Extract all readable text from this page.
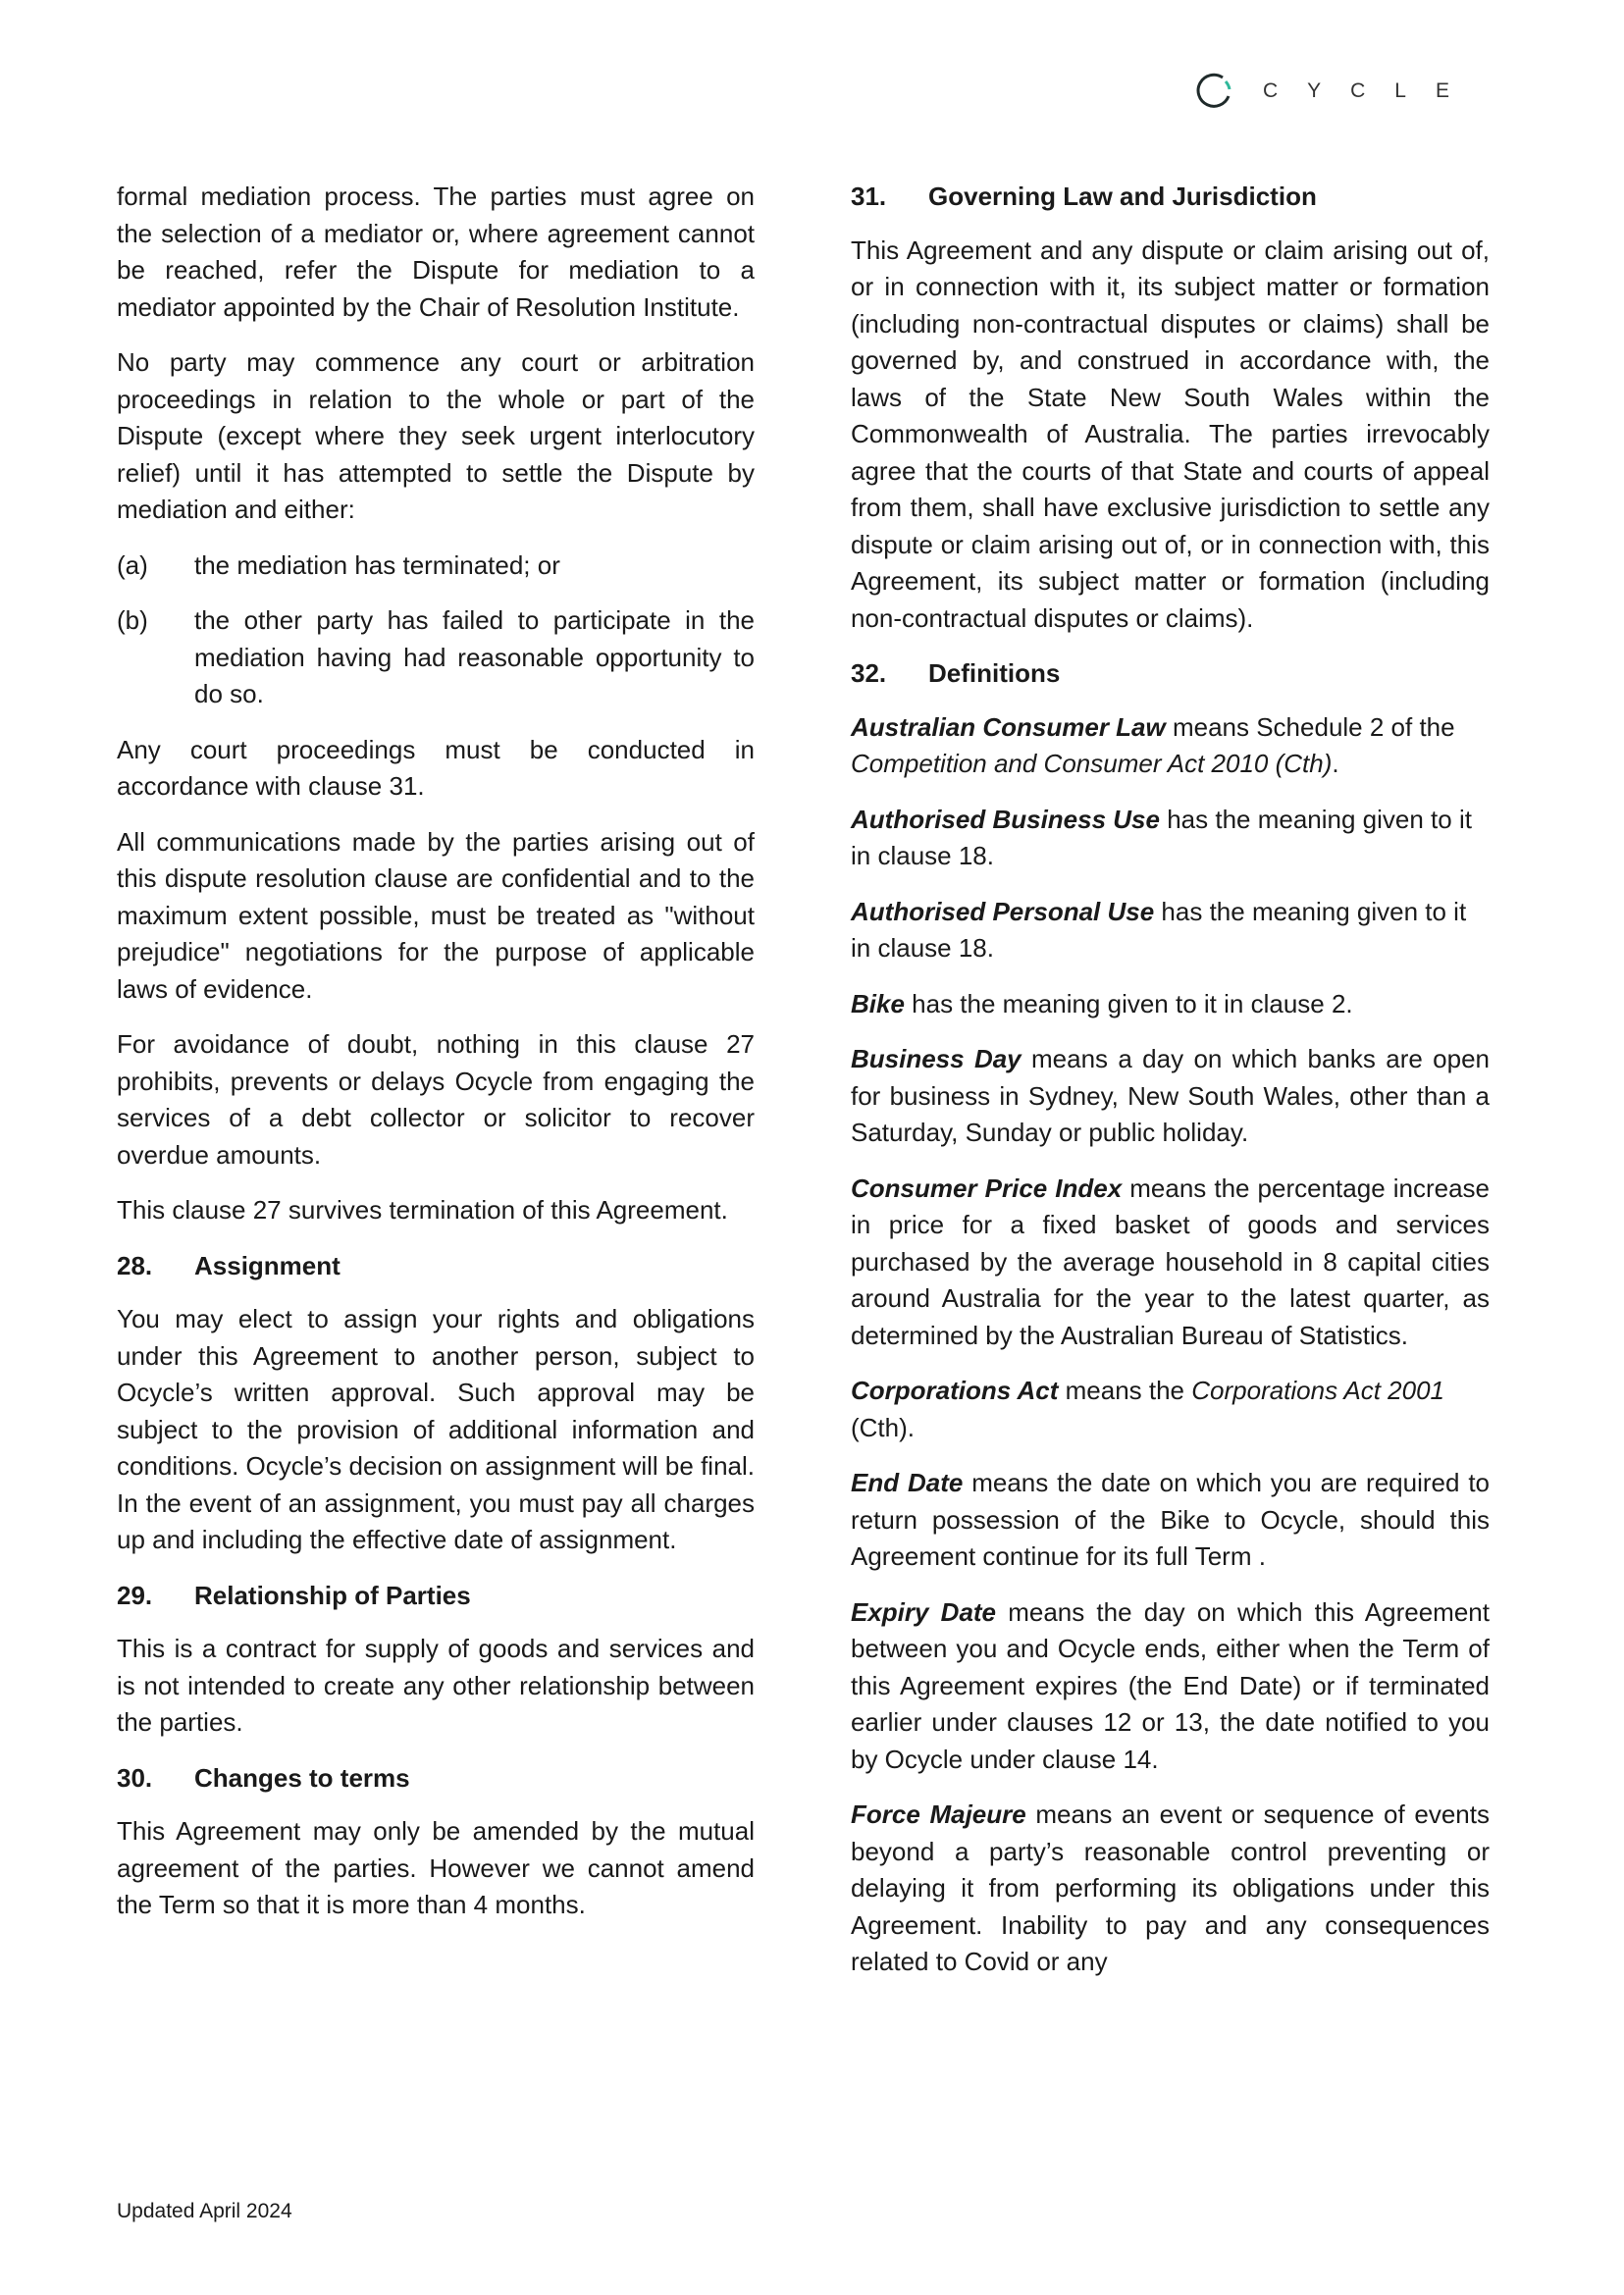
CYCLE

formal mediation process. The parties must agree on the selection of a mediator or, where agreement cannot be reached, refer the Dispute for mediation to a mediator appointed by the Chair of Resolution Institute.

No party may commence any court or arbitration proceedings in relation to the whole or part of the Dispute (except where they seek urgent interlocutory relief) until it has attempted to settle the Dispute by mediation and either:

(a)	the mediation has terminated; or
(b)	the other party has failed to participate in the mediation having had reasonable opportunity to do so.

Any court proceedings must be conducted in accordance with clause 31.

All communications made by the parties arising out of this dispute resolution clause are confidential and to the maximum extent possible, must be treated as "without prejudice" negotiations for the purpose of applicable laws of evidence.

For avoidance of doubt, nothing in this clause 27 prohibits, prevents or delays Ocycle from engaging the services of a debt collector or solicitor to recover overdue amounts.

This clause 27 survives termination of this Agreement.

28.	Assignment

You may elect to assign your rights and obligations under this Agreement to another person, subject to Ocycle’s written approval. Such approval may be subject to the provision of additional information and conditions. Ocycle’s decision on assignment will be final. In the event of an assignment, you must pay all charges up and including the effective date of assignment.

29.	Relationship of Parties

This is a contract for supply of goods and services and is not intended to create any other relationship between the parties.

30.	Changes to terms

This Agreement may only be amended by the mutual agreement of the parties. However we cannot amend the Term so that it is more than 4 months.

31.	Governing Law and Jurisdiction

This Agreement and any dispute or claim arising out of, or in connection with it, its subject matter or formation (including non-contractual disputes or claims) shall be governed by, and construed in accordance with, the laws of the State New South Wales within the Commonwealth of Australia. The parties irrevocably agree that the courts of that State and courts of appeal from them, shall have exclusive jurisdiction to settle any dispute or claim arising out of, or in connection with, this Agreement, its subject matter or formation (including non-contractual disputes or claims).

32.	Definitions

Australian Consumer Law means Schedule 2 of the Competition and Consumer Act 2010 (Cth).

Authorised Business Use has the meaning given to it in clause 18.

Authorised Personal Use has the meaning given to it in clause 18.

Bike has the meaning given to it in clause 2.

Business Day means a day on which banks are open for business in Sydney, New South Wales, other than a Saturday, Sunday or public holiday.

Consumer Price Index means the percentage increase in price for a fixed basket of goods and services purchased by the average household in 8 capital cities around Australia for the year to the latest quarter, as determined by the Australian Bureau of Statistics.

Corporations Act means the Corporations Act 2001 (Cth).

End Date means the date on which you are required to return possession of the Bike to Ocycle, should this Agreement continue for its full Term .

Expiry Date means the day on which this Agreement between you and Ocycle ends, either when the Term of this Agreement expires (the End Date) or if terminated earlier under clauses 12 or 13, the date notified to you by Ocycle under clause 14.

Force Majeure means an event or sequence of events beyond a party’s reasonable control preventing or delaying it from performing its obligations under this Agreement. Inability to pay and any consequences related to Covid or any

Updated April 2024
